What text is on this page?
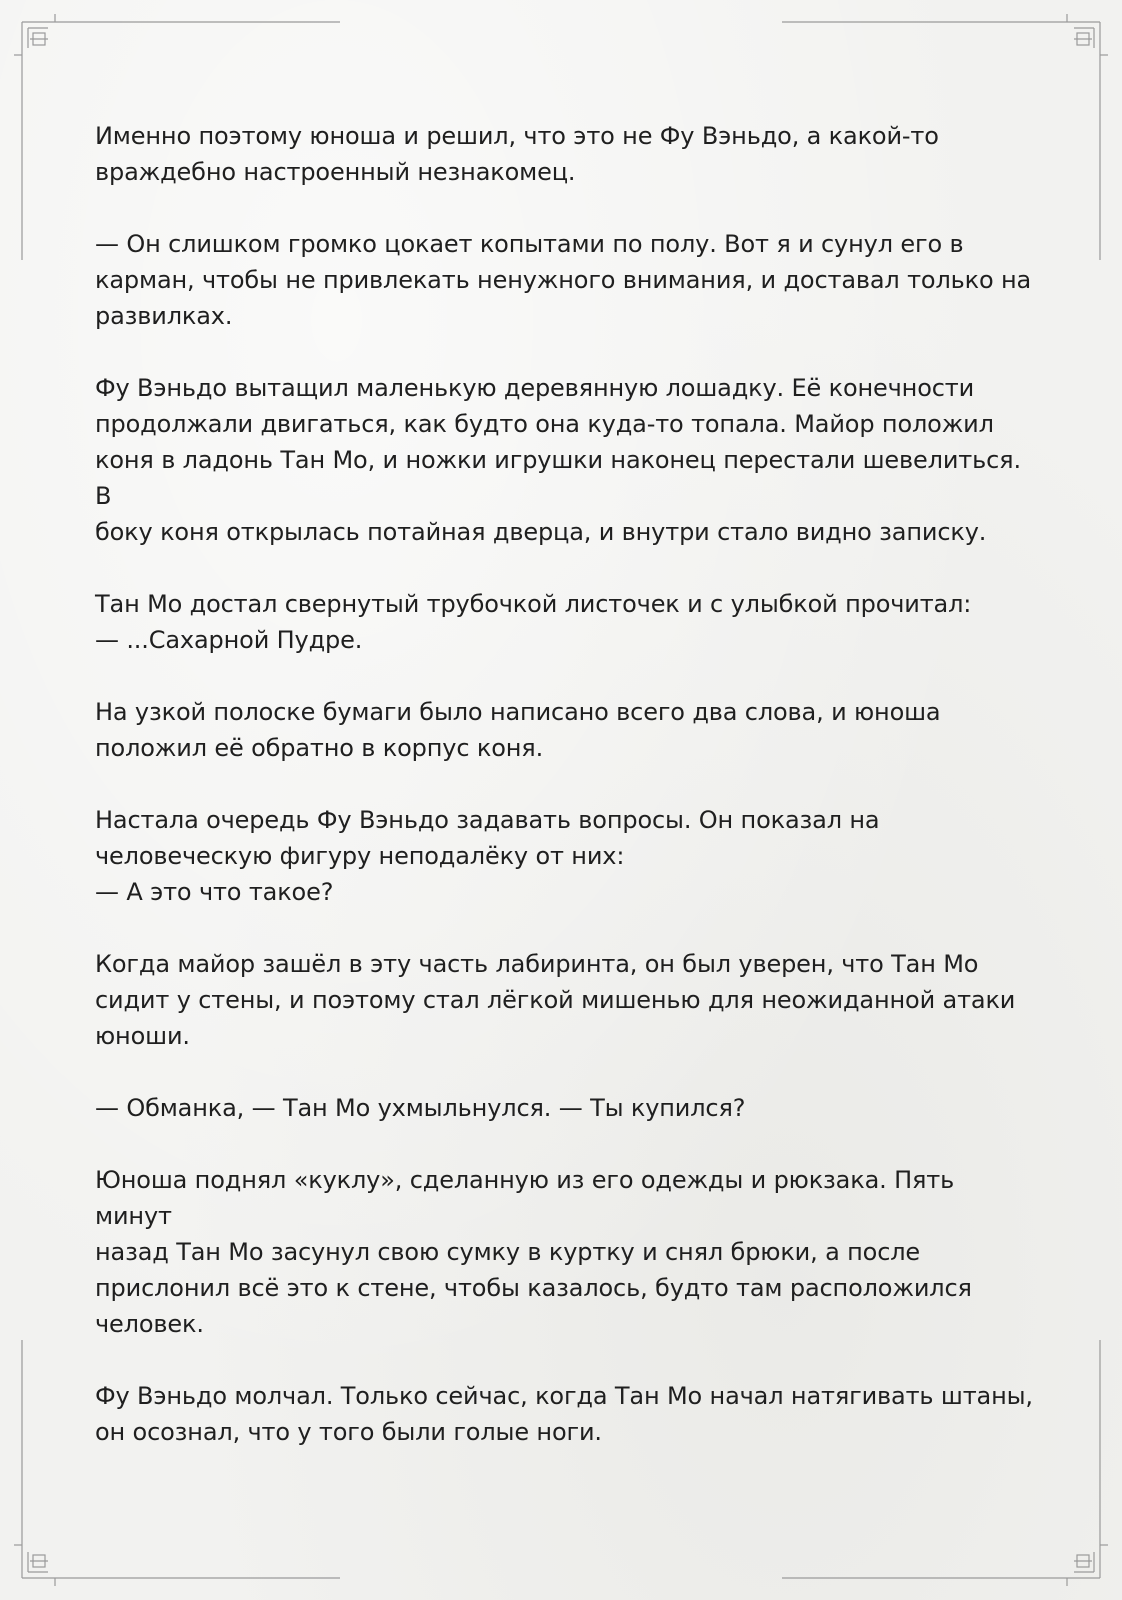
Именно поэтому юноша и решил, что это не Фу Вэньдо, а какой-то
враждебно настроенный незнакомец.

— Он слишком громко цокает копытами по полу. Вот я и сунул его в
карман, чтобы не привлекать ненужного внимания, и доставал только на
развилках.

Фу Вэньдо вытащил маленькую деревянную лошадку. Её конечности
продолжали двигаться, как будто она куда-то топала. Майор положил
коня в ладонь Тан Мо, и ножки игрушки наконец перестали шевелиться. В
боку коня открылась потайная дверца, и внутри стало видно записку.

Тан Мо достал свернутый трубочкой листочек и с улыбкой прочитал:
— ...Сахарной Пудре.

На узкой полоске бумаги было написано всего два слова, и юноша
положил её обратно в корпус коня.

Настала очередь Фу Вэньдо задавать вопросы. Он показал на
человеческую фигуру неподалёку от них:
— А это что такое?

Когда майор зашёл в эту часть лабиринта, он был уверен, что Тан Мо
сидит у стены, и поэтому стал лёгкой мишенью для неожиданной атаки
юноши.

— Обманка, — Тан Мо ухмыльнулся. — Ты купился?

Юноша поднял «куклу», сделанную из его одежды и рюкзака. Пять минут
назад Тан Мо засунул свою сумку в куртку и снял брюки, а после
прислонил всё это к стене, чтобы казалось, будто там расположился
человек.

Фу Вэньдо молчал. Только сейчас, когда Тан Мо начал натягивать штаны,
он осознал, что у того были голые ноги.
